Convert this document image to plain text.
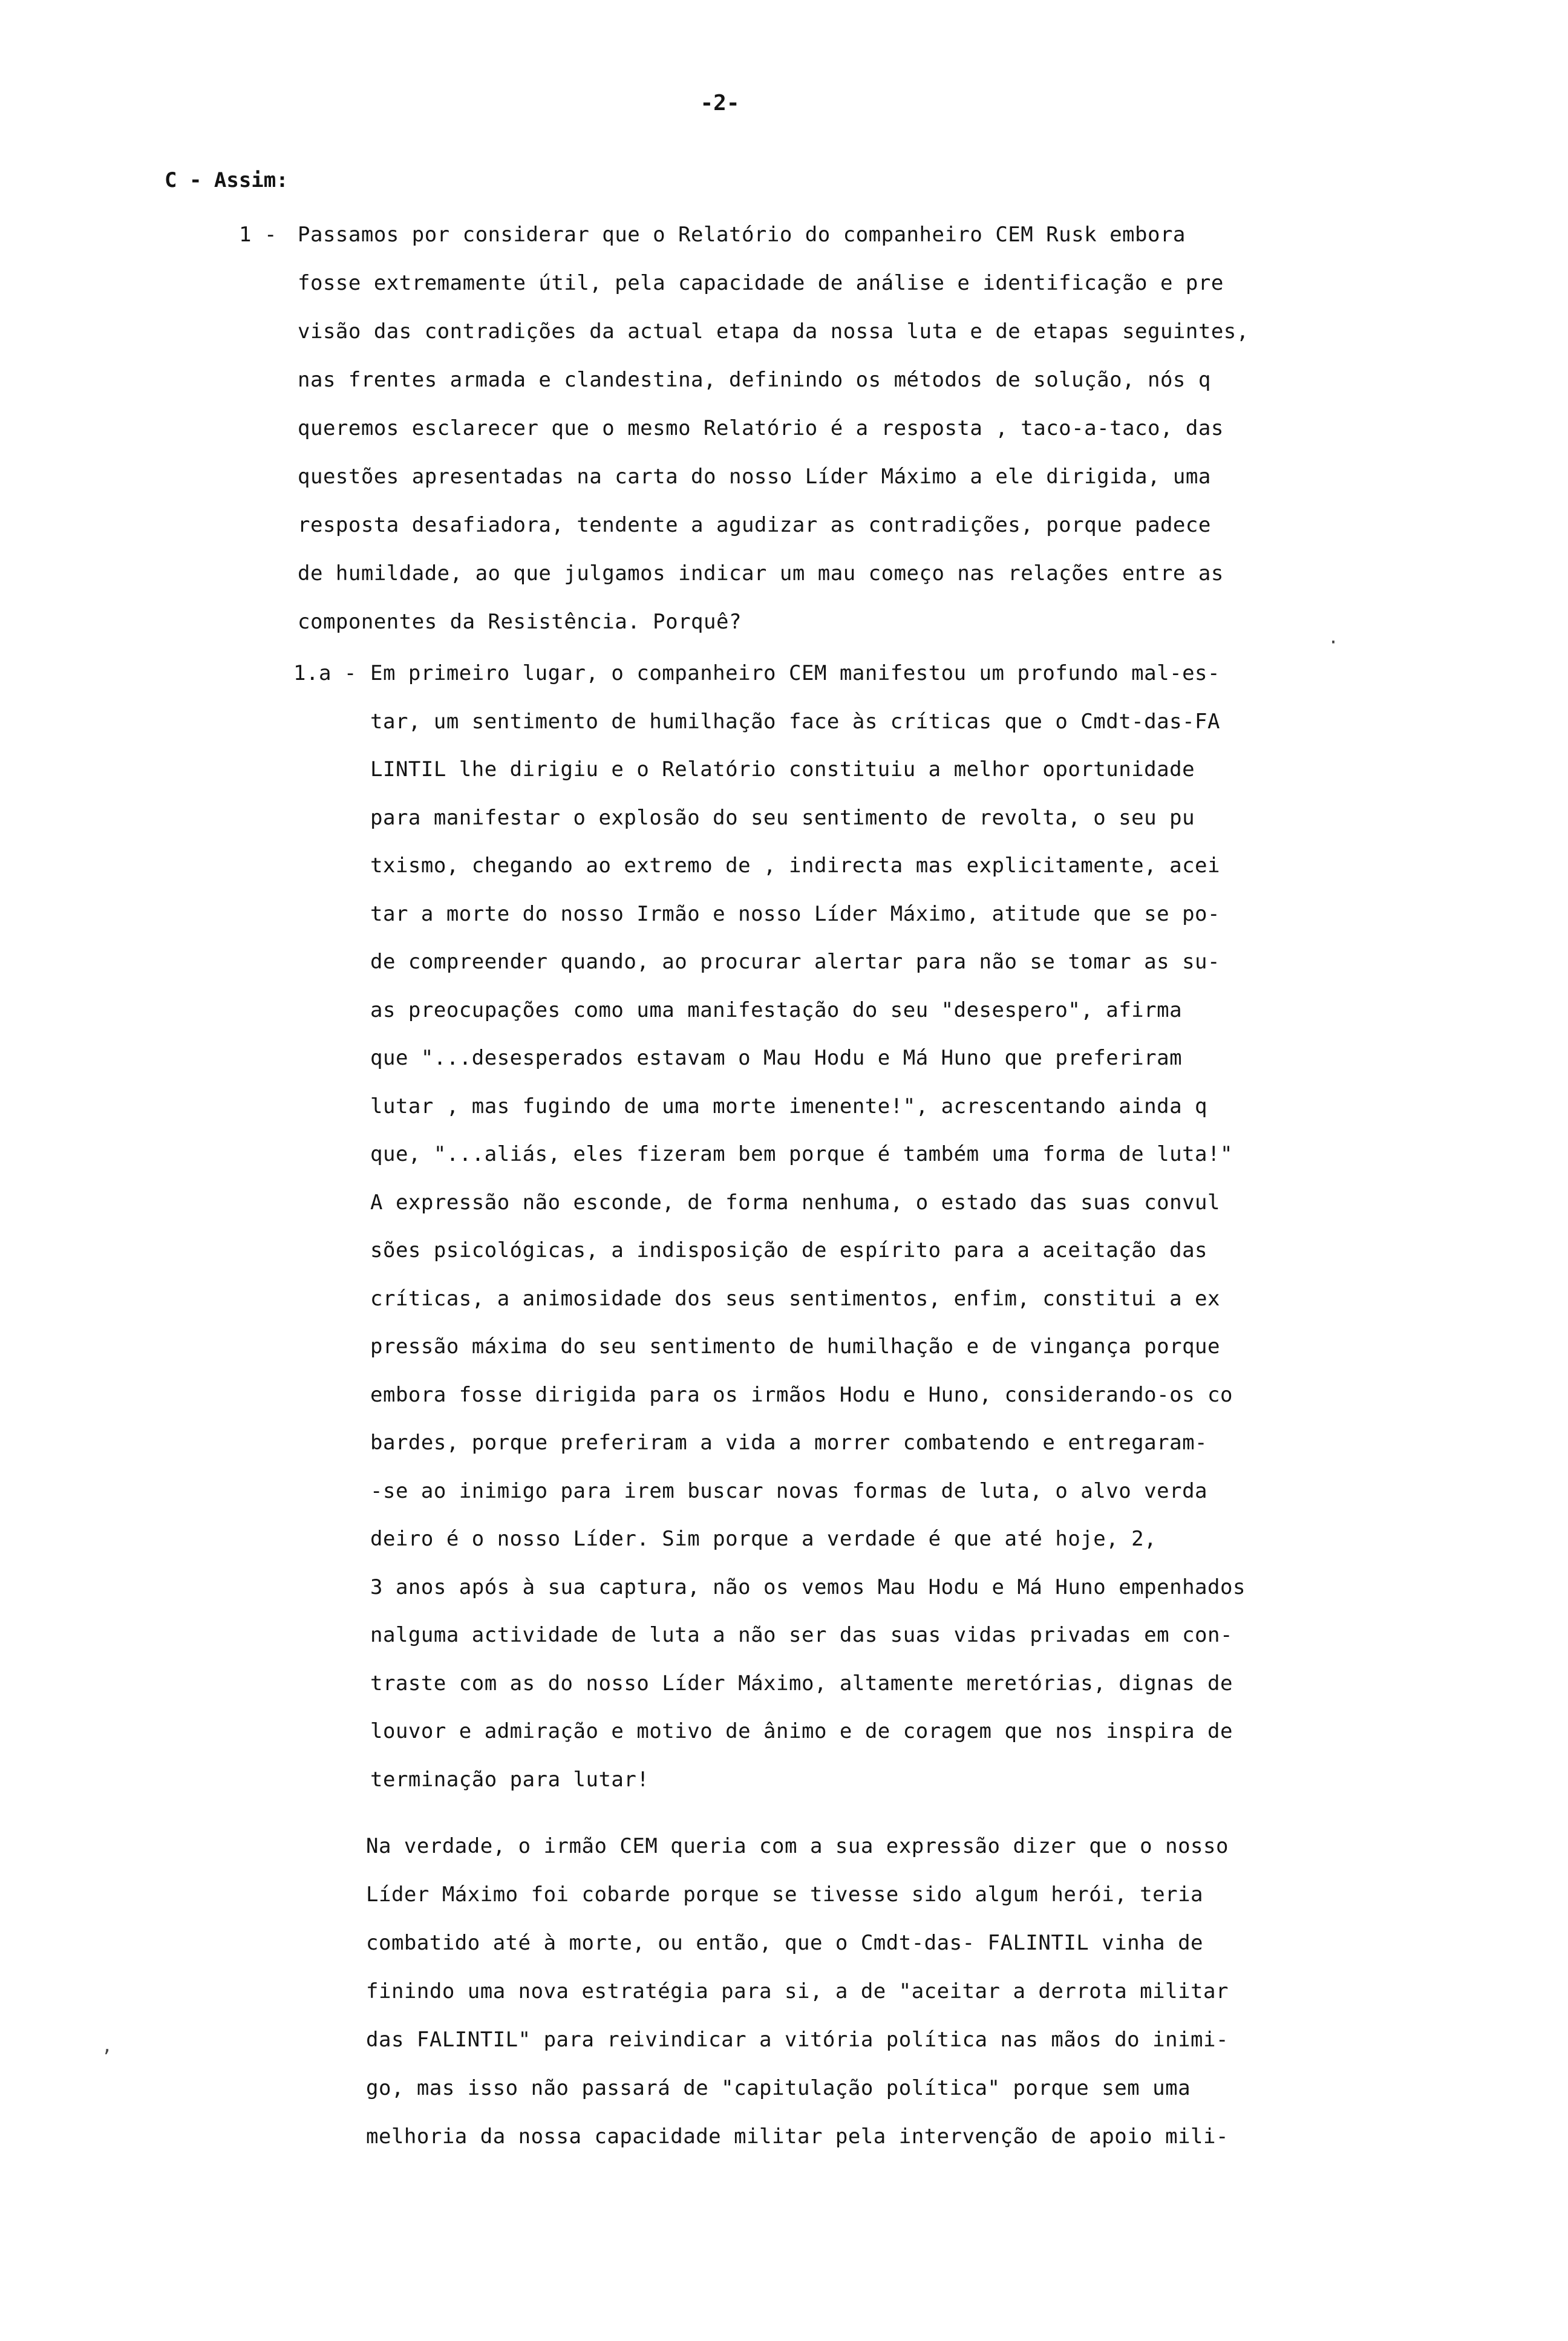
-2-
C - Assim:
1 - Passamos por considerar que o Relatório do companheiro CEM Rusk embora
fosse extremamente útil, pela capacidade de análise e identificação e pre
visão das contradições da actual etapa da nossa luta e de etapas seguintes,
nas frentes armada e clandestina, definindo os métodos de solução, nós q
queremos esclarecer que o mesmo Relatório é a resposta , taco-a-taco, das
questões apresentadas na carta do nosso Líder Máximo a ele dirigida, uma
resposta desafiadora, tendente a agudizar as contradições, porque padece
de humildade, ao que julgamos indicar um mau começo nas relações entre as
componentes da Resistência. Porquê?
1.a - Em primeiro lugar, o companheiro CEM manifestou um profundo mal-es-
tar, um sentimento de humilhação face às críticas que o Cmdt-das-FA
LINTIL lhe dirigiu e o Relatório constituiu a melhor oportunidade
para manifestar o explosão do seu sentimento de revolta, o seu pu
txismo, chegando ao extremo de , indirecta mas explicitamente, acei
tar a morte do nosso Irmão e nosso Líder Máximo, atitude que se po-
de compreender quando, ao procurar alertar para não se tomar as su-
as preocupações como uma manifestação do seu "desespero", afirma
que "...desesperados estavam o Mau Hodu e Má Huno que preferiram
lutar , mas fugindo de uma morte imenente!", acrescentando ainda q
que, "...aliás, eles fizeram bem porque é também uma forma de luta!"
A expressão não esconde, de forma nenhuma, o estado das suas convul
sões psicológicas, a indisposição de espírito para a aceitação das
críticas, a animosidade dos seus sentimentos, enfim, constitui a ex
pressão máxima do seu sentimento de humilhação e de vingança porque
embora fosse dirigida para os irmãos Hodu e Huno, considerando-os co
bardes, porque preferiram a vida a morrer combatendo e entregaram-
-se ao inimigo para irem buscar novas formas de luta, o alvo verda
deiro é o nosso Líder. Sim porque a verdade é que até hoje, 2,
3 anos após à sua captura, não os vemos Mau Hodu e Má Huno empenhados
nalguma actividade de luta a não ser das suas vidas privadas em con-
traste com as do nosso Líder Máximo, altamente meretórias, dignas de
louvor e admiração e motivo de ânimo e de coragem que nos inspira de
terminação para lutar!
Na verdade, o irmão CEM queria com a sua expressão dizer que o nosso
Líder Máximo foi cobarde porque se tivesse sido algum herói, teria
combatido até à morte, ou então, que o Cmdt-das- FALINTIL vinha de
finindo uma nova estratégia para si, a de "aceitar a derrota militar
das FALINTIL" para reivindicar a vitória política nas mãos do inimi-
go, mas isso não passará de "capitulação política" porque sem uma
melhoria da nossa capacidade militar pela intervenção de apoio mili-
·
,
